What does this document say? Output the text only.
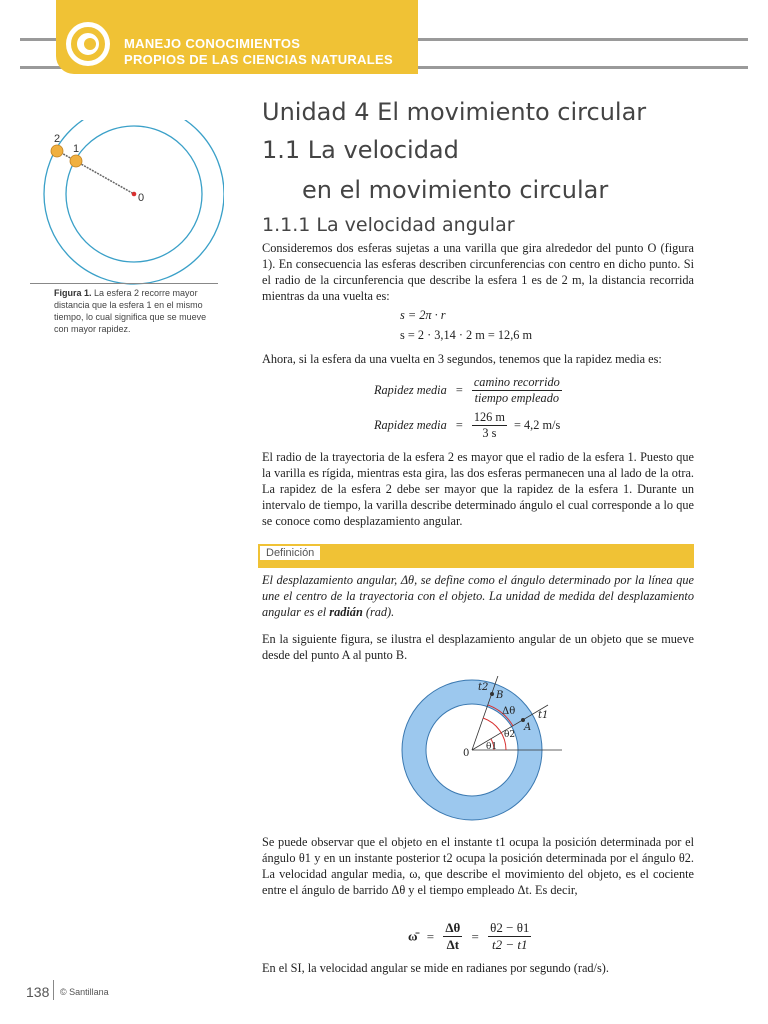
MANEJO CONOCIMIENTOS
PROPIOS DE LAS CIENCIAS NATURALES
2
1
0
Figura 1. La esfera 2 recorre mayor distancia que la esfera 1 en el mismo tiempo, lo cual significa que se mueve con mayor rapidez.
Unidad 4 El movimiento circular
1.1 La velocidad
en el movimiento circular
1.1.1 La velocidad angular
Consideremos dos esferas sujetas a una varilla que gira alrededor del punto O (figura 1). En consecuencia las esferas describen circunferencias con centro en dicho punto. Si el radio de la circunferencia que describe la esfera 1 es de 2 m, la distancia recorrida mientras da una vuelta es:
s = 2π · r
s = 2 · 3,14 · 2 m = 12,6 m
Ahora, si la esfera da una vuelta en 3 segundos, tenemos que la rapidez media es:
Rapidez media = $\frac{\text{camino recorrido}}{\text{tiempo empleado}}$
Rapidez media = $\frac{126 m}{3 s} = 4,2$ m/s
El radio de la trayectoria de la esfera 2 es mayor que el radio de la esfera 1. Puesto que la varilla es rígida, mientras esta gira, las dos esferas permanecen una al lado de la otra. La rapidez de la esfera 2 debe ser mayor que la rapidez de la esfera 1. Durante un intervalo de tiempo, la varilla describe determinado ángulo el cual corresponde a lo que se conoce como desplazamiento angular.
Definición
El desplazamiento angular, Δθ, se define como el ángulo determinado por la línea que une el centro de la trayectoria con el objeto. La unidad de medida del desplazamiento angular es el radián (rad).
En la siguiente figura, se ilustra el desplazamiento angular de un objeto que se mueve desde del punto A al punto B.
t2
B
Δθ t1
A
θ2
θ1
0
Se puede observar que el objeto en el instante t1 ocupa la posición determinada por el ángulo θ1 y en un instante posterior t2 ocupa la posición determinada por el ángulo θ2. La velocidad angular media, ω, que describe el movimiento del objeto, es el cociente entre el ángulo de barrido Δθ y el tiempo empleado Δt. Es decir,
ω̄ = $\frac{\Delta\theta}{\Delta t} = \frac{\theta 2 - \theta 1}{t2 - t1}$
En el SI, la velocidad angular se mide en radianes por segundo (rad/s).
138 © Santillana
